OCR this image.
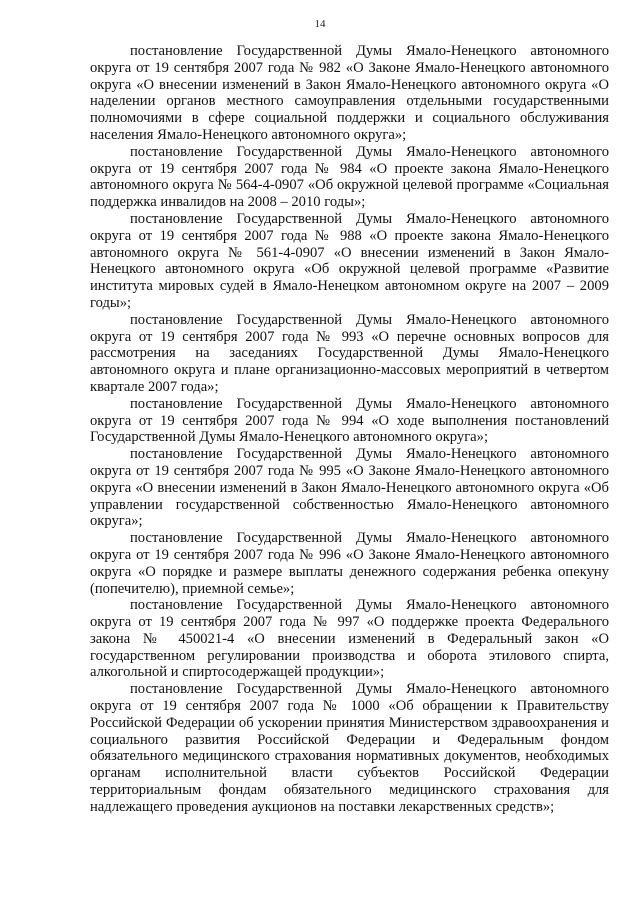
14

постановление Государственной Думы Ямало-Ненецкого автономного округа от 19 сентября 2007 года № 982 «О Законе Ямало-Ненецкого автономного округа «О внесении изменений в Закон Ямало-Ненецкого автономного округа «О наделении органов местного самоуправления отдельными государственными полномочиями в сфере социальной поддержки и социального обслуживания населения Ямало-Ненецкого автономного округа»;

постановление Государственной Думы Ямало-Ненецкого автономного округа от 19 сентября 2007 года № 984 «О проекте закона Ямало-Ненецкого автономного округа № 564-4-0907 «Об окружной целевой программе «Социальная поддержка инвалидов на 2008 – 2010 годы»;

постановление Государственной Думы Ямало-Ненецкого автономного округа от 19 сентября 2007 года № 988 «О проекте закона Ямало-Ненецкого автономного округа № 561-4-0907 «О внесении изменений в Закон Ямало-Ненецкого автономного округа «Об окружной целевой программе «Развитие института мировых судей в Ямало-Ненецком автономном округе на 2007 – 2009 годы»;

постановление Государственной Думы Ямало-Ненецкого автономного округа от 19 сентября 2007 года № 993 «О перечне основных вопросов для рассмотрения на заседаниях Государственной Думы Ямало-Ненецкого автономного округа и плане организационно-массовых мероприятий в четвертом квартале 2007 года»;

постановление Государственной Думы Ямало-Ненецкого автономного округа от 19 сентября 2007 года № 994 «О ходе выполнения постановлений Государственной Думы Ямало-Ненецкого автономного округа»;

постановление Государственной Думы Ямало-Ненецкого автономного округа от 19 сентября 2007 года № 995 «О Законе Ямало-Ненецкого автономного округа «О внесении изменений в Закон Ямало-Ненецкого автономного округа «Об управлении государственной собственностью Ямало-Ненецкого автономного округа»;

постановление Государственной Думы Ямало-Ненецкого автономного округа от 19 сентября 2007 года № 996 «О Законе Ямало-Ненецкого автономного округа «О порядке и размере выплаты денежного содержания ребенка опекуну (попечителю), приемной семье»;

постановление Государственной Думы Ямало-Ненецкого автономного округа от 19 сентября 2007 года № 997 «О поддержке проекта Федерального закона № 450021-4 «О внесении изменений в Федеральный закон «О государственном регулировании производства и оборота этилового спирта, алкогольной и спиртосодержащей продукции»;

постановление Государственной Думы Ямало-Ненецкого автономного округа от 19 сентября 2007 года № 1000 «Об обращении к Правительству Российской Федерации об ускорении принятия Министерством здравоохранения и социального развития Российской Федерации и Федеральным фондом обязательного медицинского страхования нормативных документов, необходимых органам исполнительной власти субъектов Российской Федерации территориальным фондам обязательного медицинского страхования для надлежащего проведения аукционов на поставки лекарственных средств»;
